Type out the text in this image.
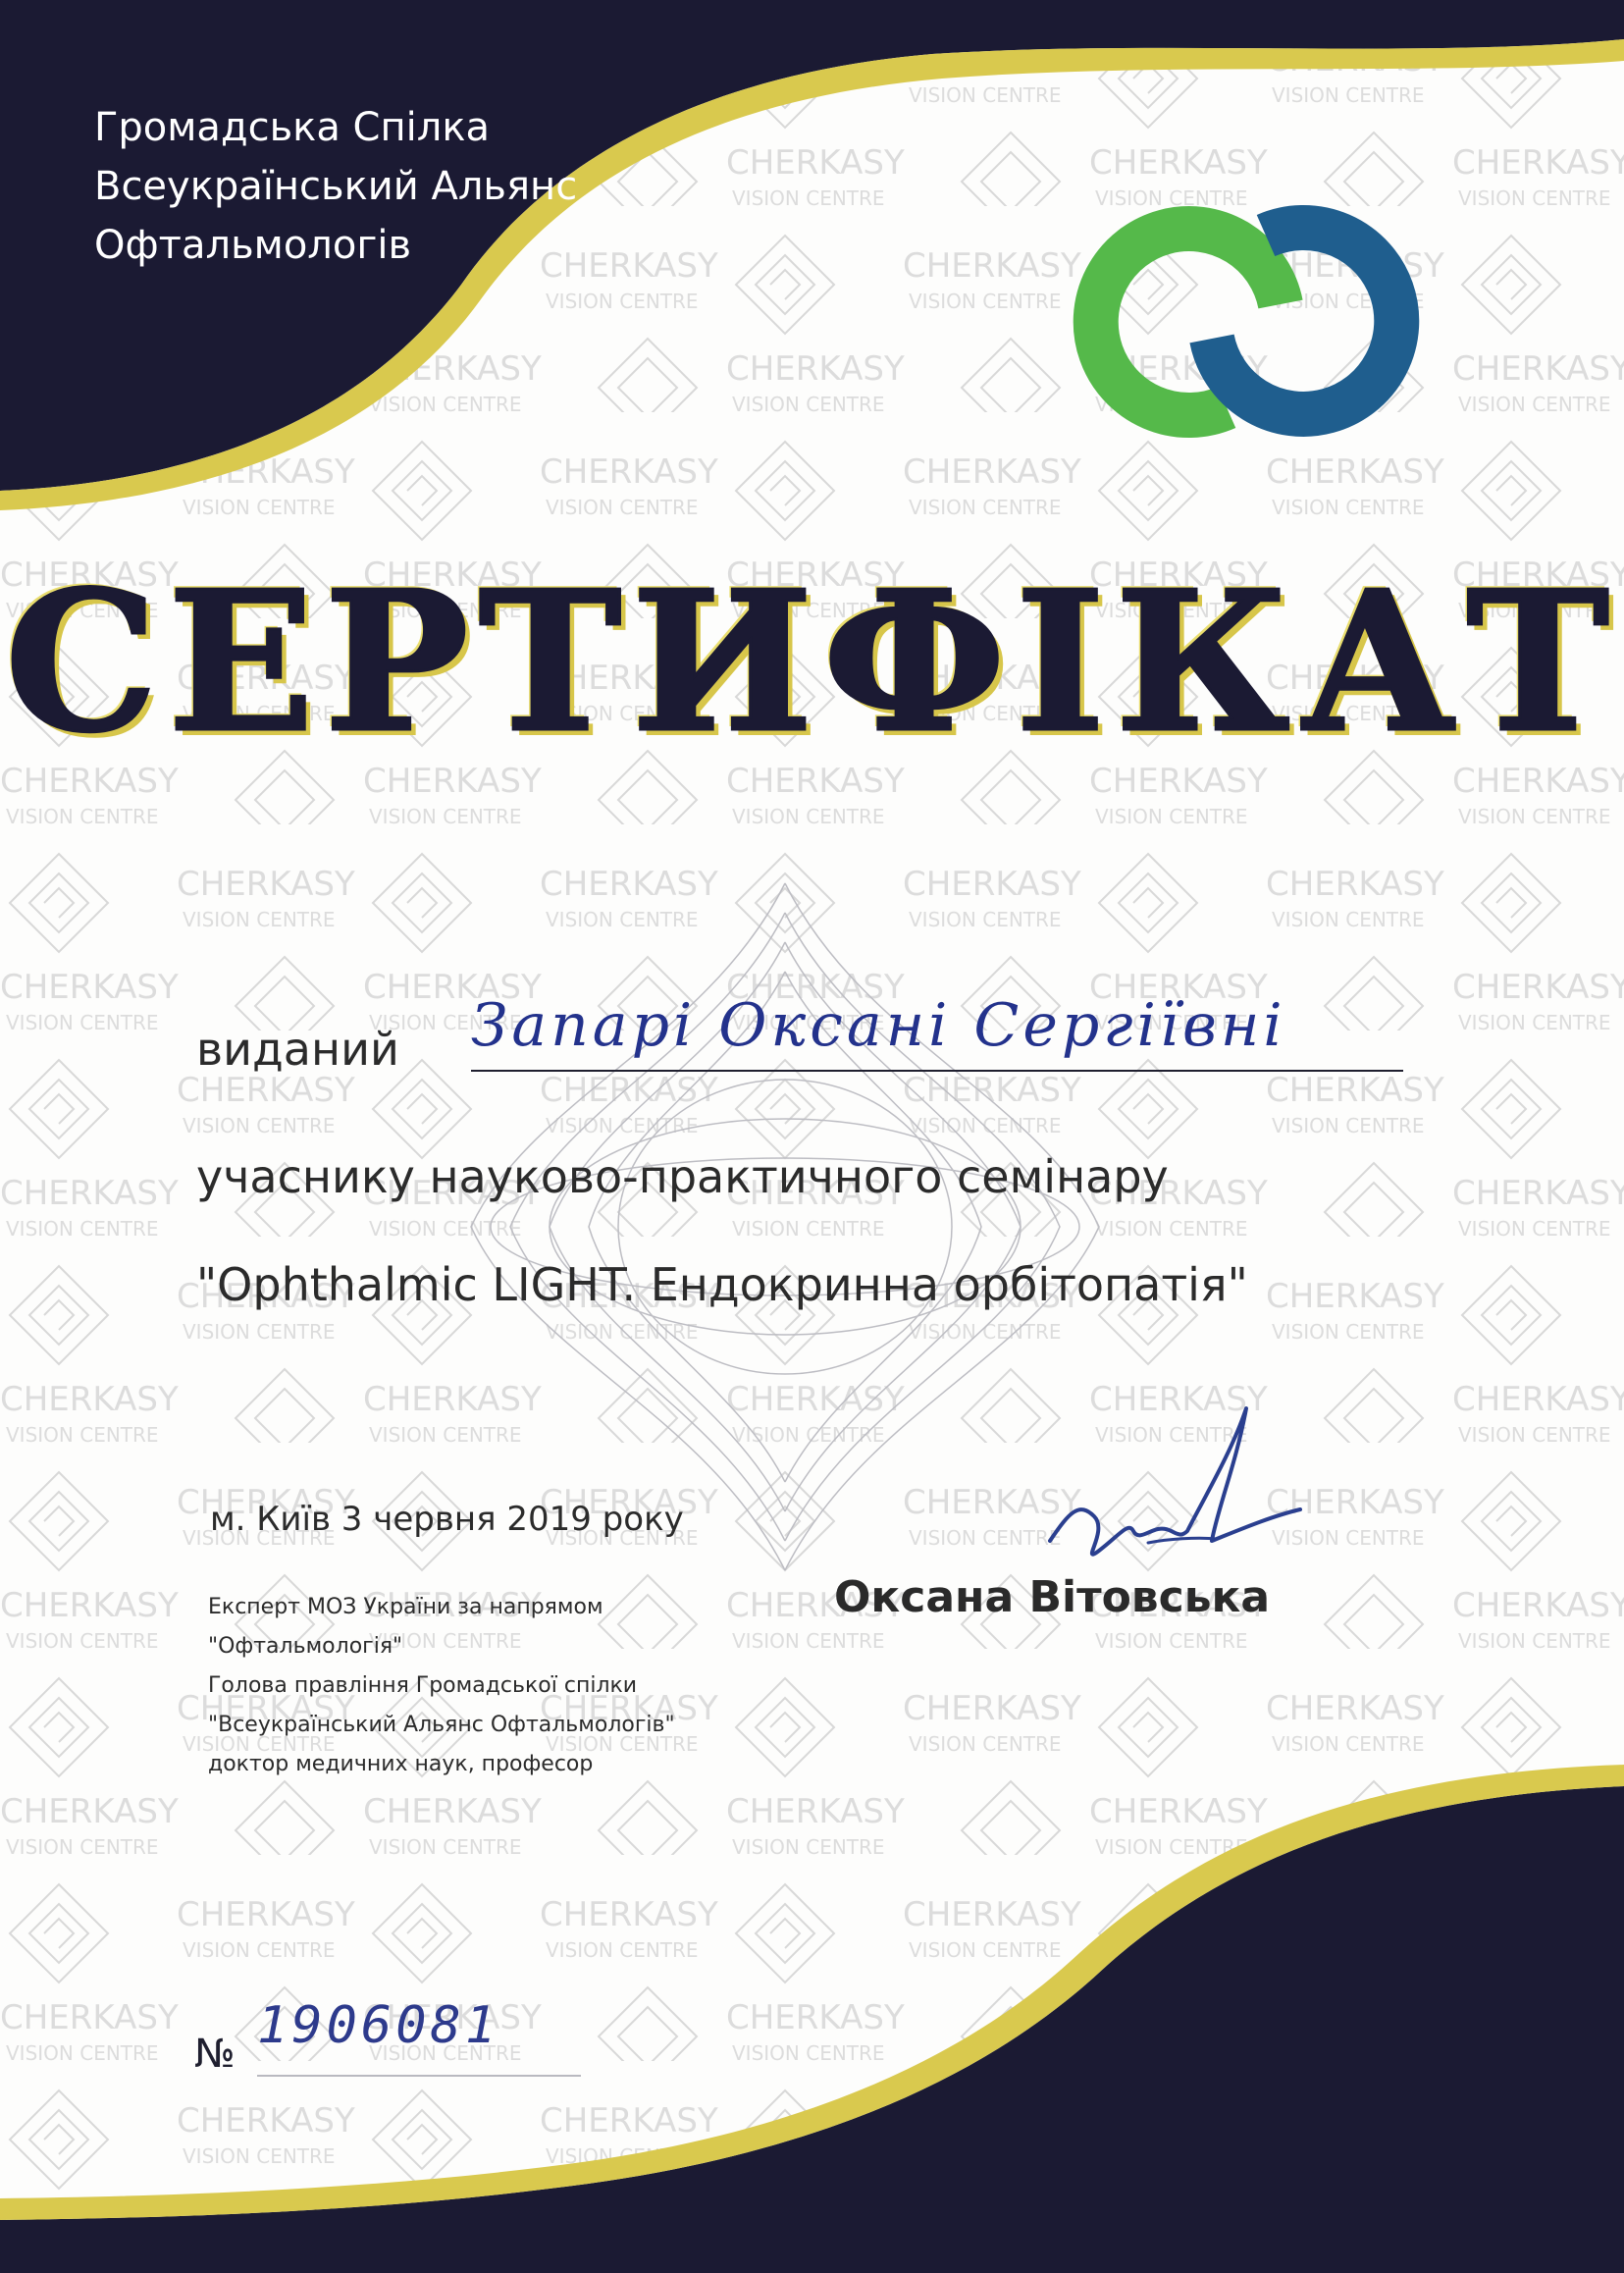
Громадська Спілка
Всеукраїнський Альянс
Офтальмологів
СЕРТИФІКАТ
виданий Запарі Оксані Сергіївні
учаснику науково-практичного семінару
"Ophthalmic LIGHT. Ендокринна орбітопатія"
м. Київ 3 червня 2019 року
Оксана Вітовська
Експерт МОЗ України за напрямом
"Офтальмологія"
Голова правління Громадської спілки
"Всеукраїнський Альянс Офтальмологів"
доктор медичних наук, професор
№ 1906081
